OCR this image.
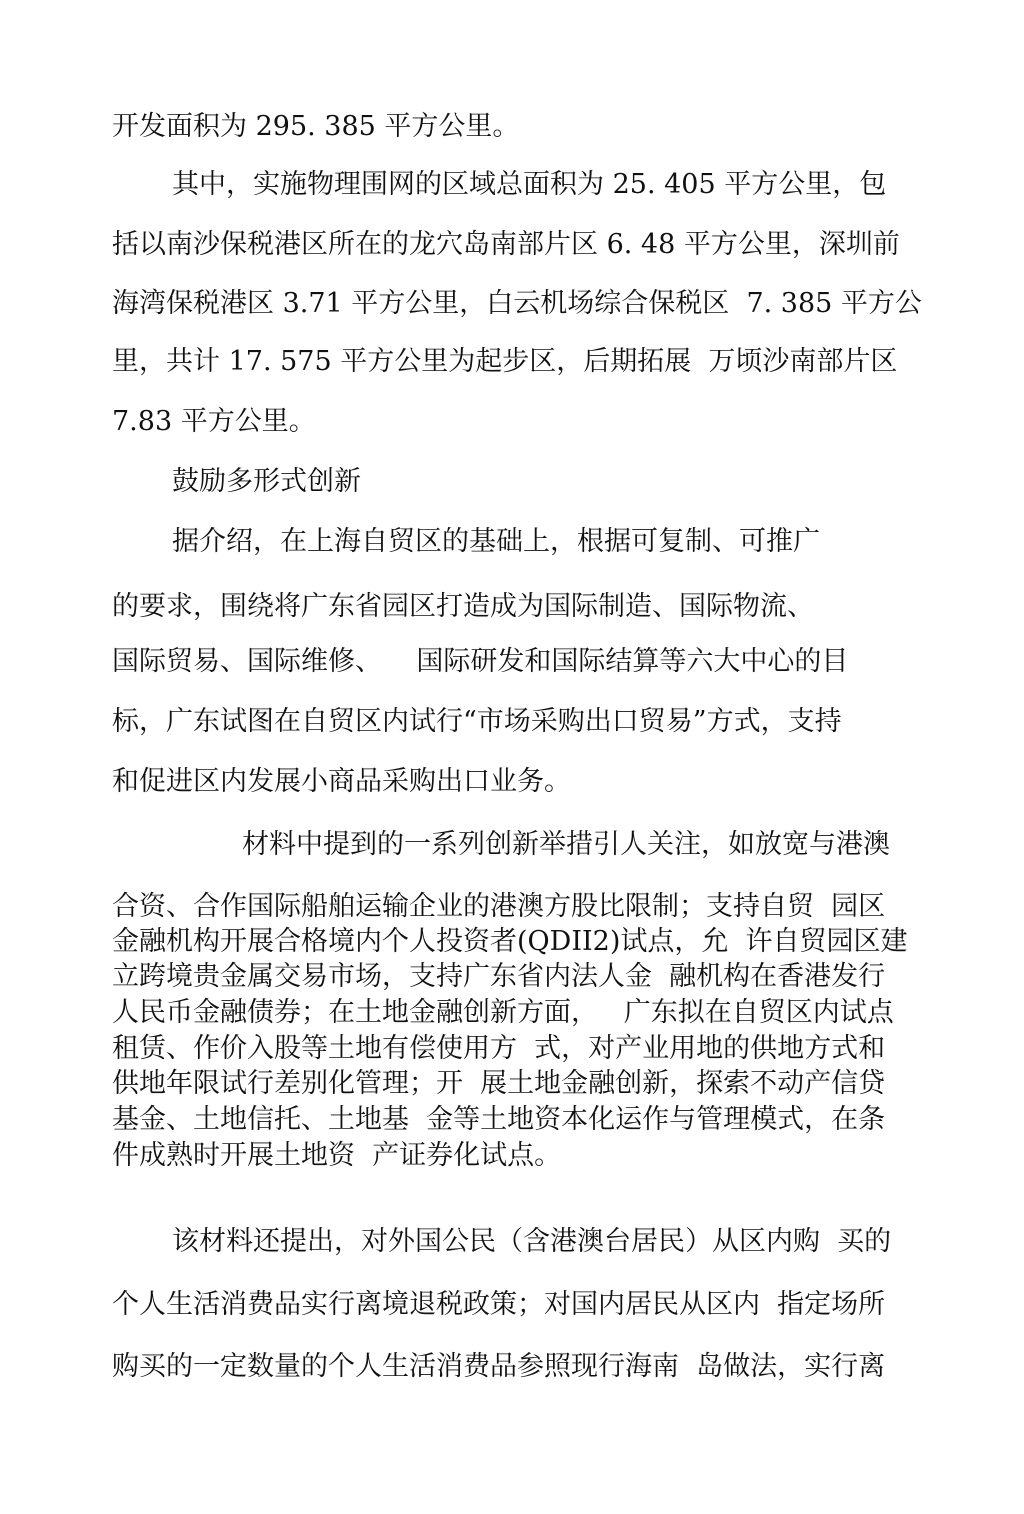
开发面积为 295. 385 平方公里。

其中，实施物理围网的区域总面积为 25. 405 平方公里，包

括以南沙保税港区所在的龙穴岛南部片区 6. 48 平方公里，深圳前

海湾保税港区 3.71 平方公里，白云机场综合保税区  7. 385 平方公

里，共计 17. 575 平方公里为起步区，后期拓展  万顷沙南部片区

7.83 平方公里。

鼓励多形式创新

据介绍，在上海自贸区的基础上，根据可复制、可推广

的要求，围绕将广东省园区打造成为国际制造、国际物流、

国际贸易、国际维修、    国际研发和国际结算等六大中心的目

标，广东试图在自贸区内试行“市场采购出口贸易”方式，支持

和促进区内发展小商品采购出口业务。

材料中提到的一系列创新举措引人关注，如放宽与港澳

合资、合作国际船舶运输企业的港澳方股比限制；支持自贸  园区

金融机构开展合格境内个人投资者(QDII2)试点，允  许自贸园区建

立跨境贵金属交易市场，支持广东省内法人金  融机构在香港发行

人民币金融债券；在土地金融创新方面，   广东拟在自贸区内试点

租赁、作价入股等土地有偿使用方  式，对产业用地的供地方式和

供地年限试行差别化管理；开  展土地金融创新，探索不动产信贷

基金、土地信托、土地基  金等土地资本化运作与管理模式，在条

件成熟时开展土地资  产证券化试点。

该材料还提出，对外国公民（含港澳台居民）从区内购  买的

个人生活消费品实行离境退税政策；对国内居民从区内  指定场所

购买的一定数量的个人生活消费品参照现行海南  岛做法，实行离
